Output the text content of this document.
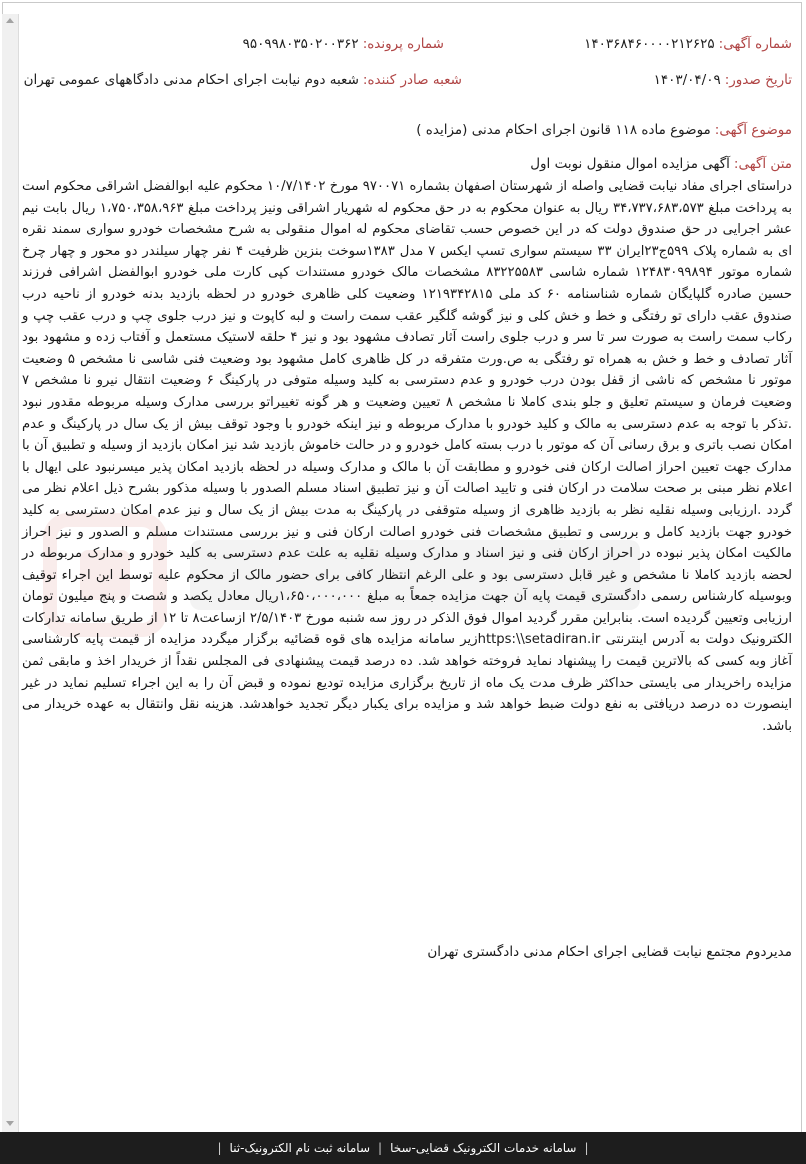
شماره آگهی:۱۴۰۳۶۸۴۶۰۰۰۰۲۱۲۶۲۵
شماره پرونده:۹۵۰۹۹۸۰۳۵۰۲۰۰۳۶۲
تاریخ صدور:۱۴۰۳/۰۴/۰۹
شعبه صادر کننده:شعبه دوم نیابت اجرای احکام مدنی دادگاههای عمومی تهران
موضوع آگهی:موضوع ماده ۱۱۸ قانون اجرای احکام مدنی (مزایده )
متن آگهی:آگهی مزایده اموال منقول نوبت اول
دراستای اجرای مفاد نیابت قضایی واصله از شهرستان اصفهان بشماره ۹۷۰۰۷۱ مورخ ۱۰/۷/۱۴۰۲ محکوم علیه ابوالفضل اشراقی محکوم است به پرداخت مبلغ ۳۴،۷۳۷،۶۸۳،۵۷۳ ریال به عنوان محکوم به در حق محکوم له شهریار اشراقی ونیز پرداخت مبلغ ۱،۷۵۰،۳۵۸،۹۶۳ ریال بابت نیم عشر اجرایی در حق صندوق دولت که در این خصوص حسب تقاضای محکوم له اموال منقولی به شرح مشخصات خودرو سواری سمند نقره ای به شماره پلاک ۵۹۹ج۲۳ایران ۳۳ سیستم سواری تسپ ایکس ۷ مدل ۱۳۸۳سوخت بنزین ظرفیت ۴ نفر چهار سیلندر دو محور و چهار چرخ شماره موتور ۱۲۴۸۳۰۹۹۸۹۴ شماره شاسی ۸۳۲۲۵۵۸۳ مشخصات مالک خودرو مستندات کپی کارت ملی خودرو ابوالفضل اشرافی فرزند حسین صادره گلپایگان شماره شناسنامه ۶۰ کد ملی ۱۲۱۹۳۴۲۸۱۵ وضعیت کلی ظاهری خودرو در لحظه بازدید بدنه خودرو از ناحیه درب صندوق عقب دارای تو رفتگی و خط و خش کلی و نیز گوشه گلگیر عقب سمت راست و لبه کاپوت و نیز درب جلوی چپ و درب عقب چپ و رکاب سمت راست به صورت سر تا سر و درب جلوی راست آثار تصادف مشهود بود و نیز ۴ حلقه لاستیک مستعمل و آفتاب زده و مشهود بود آثار تصادف و خط و خش به همراه تو رفتگی به ص.ورت متفرقه در کل ظاهری کامل مشهود بود وضعیت فنی شاسی نا مشخص ۵ وضعیت موتور نا مشخص که ناشی از قفل بودن درب خودرو و عدم دسترسی به کلید وسیله متوفی در پارکینگ ۶ وضعیت انتقال نیرو نا مشخص ۷ وضعیت فرمان و سیستم تعلیق و جلو بندی کاملا نا مشخص ۸ تعیین وضعیت و هر گونه تغییراتو بررسی مدارک وسیله مربوطه مقدور نبود .تذکر با توجه به عدم دسترسی به مالک و کلید خودرو با مدارک مربوطه و نیز اینکه خودرو با وجود توقف بیش از یک سال در پارکینگ و عدم امکان نصب باتری و برق رسانی آن که موتور با درب بسته کامل خودرو و در حالت خاموش بازدید شد نیز امکان بازدید از وسیله و تطبیق آن با مدارک جهت تعیین احراز اصالت ارکان فنی خودرو و مطابقت آن با مالک و مدارک وسیله در لحظه بازدید امکان پذیر میسرنبود علی ایهال با اعلام نظر مبنی بر صحت سلامت در ارکان فنی و تایید اصالت آن و نیز تطبیق اسناد مسلم الصدور با وسیله مذکور بشرح ذیل اعلام نظر می گردد .ارزیابی وسیله نقلیه نظر به بازدید ظاهری از وسیله متوقفی در پارکینگ به مدت بیش از یک سال و نیز عدم امکان دسترسی به کلید خودرو جهت بازدید کامل و بررسی و تطبیق مشخصات فنی خودرو اصالت ارکان فنی و نیز بررسی مستندات مسلم و الصدور و نیز احراز مالکیت امکان پذیر نبوده در احراز ارکان فنی و نیز اسناد و مدارک وسیله نقلیه به علت عدم دسترسی به کلید خودرو و مدارک مربوطه در لحضه بازدید کاملا نا مشخص و غیر قابل دسترسی بود و علی الرغم انتظار کافی برای حضور مالک از محکوم علیه توسط این اجراء توقیف وبوسیله کارشناس رسمی دادگستری قیمت پایه آن جهت مزایده جمعاً به مبلغ ۱،۶۵۰،۰۰۰،۰۰۰ریال معادل یکصد و شصت و پنج میلیون تومان ارزیابی وتعیین گردیده است. بنابراین مقرر گردید اموال فوق الذکر در روز سه شنبه مورخ ۲/۵/۱۴۰۳ ازساعت۸ تا ۱۲ از طریق سامانه تدارکات الکترونیک دولت به آدرس اینترنتی https:\\setadiran.irزیر سامانه مزایده های قوه قضائیه برگزار میگردد مزایده از قیمت پایه کارشناسی آغاز وبه کسی که بالاترین قیمت را پیشنهاد نماید فروخته خواهد شد. ده درصد قیمت پیشنهادی فی المجلس نقداً از خریدار اخذ و مابقی ثمن مزایده راخریدار می بایستی حداکثر ظرف مدت یک ماه از تاریخ برگزاری مزایده تودیع نموده و قبض آن را به این اجراء تسلیم نماید در غیر اینصورت ده درصد دریافتی به نفع دولت ضبط خواهد شد و مزایده برای یکبار دیگر تجدید خواهدشد. هزینه نقل وانتقال به عهده خریدار می باشد.
مدیردوم مجتمع نیابت قضایی اجرای احکام مدنی دادگستری تهران
|
سامانه خدمات الکترونیک قضایی-سخا
|
سامانه ثبت نام الکترونیک-ثنا
|
